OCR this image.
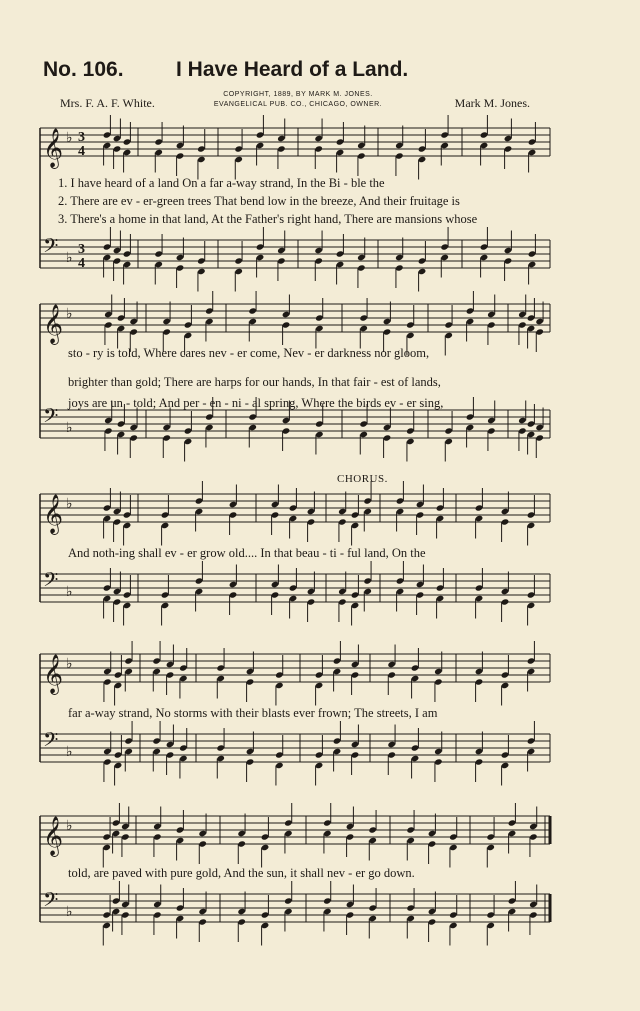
𝄞 ♭ 3
4
𝄢 ♭
3
4
𝄞 ♭
𝄢 ♭
𝄞 ♭
𝄢 ♭
𝄞 ♭
𝄢 ♭
𝄞 ♭
𝄢 ♭
No. 106. I Have Heard of a Land.
Mrs. F. A. F. White.
COPYRIGHT, 1889, BY MARK M. JONES.
EVANGELICAL PUB. CO., CHICAGO, OWNER.	Mark M. Jones.
1. I have heard of a land On a far a-way strand, In the Bi - ble the
2. There are ev - er-green trees That bend low in the breeze, And their fruitage is
3. There's a home in that land, At the Father's right hand, There are mansions whose
sto - ry is told, Where cares nev - er come, Nev - er darkness nor gloom,
brighter than gold; There are harps for our hands, In that fair - est of lands,
joys are un - told; And per - en - ni - al spring, Where the birds ev - er sing,
CHORUS.
And noth-ing shall ev - er grow old.... In that beau - ti - ful land, On the
far a-way strand, No storms with their blasts ever frown; The streets, I am
told, are paved with pure gold, And the sun, it shall nev - er go down.
